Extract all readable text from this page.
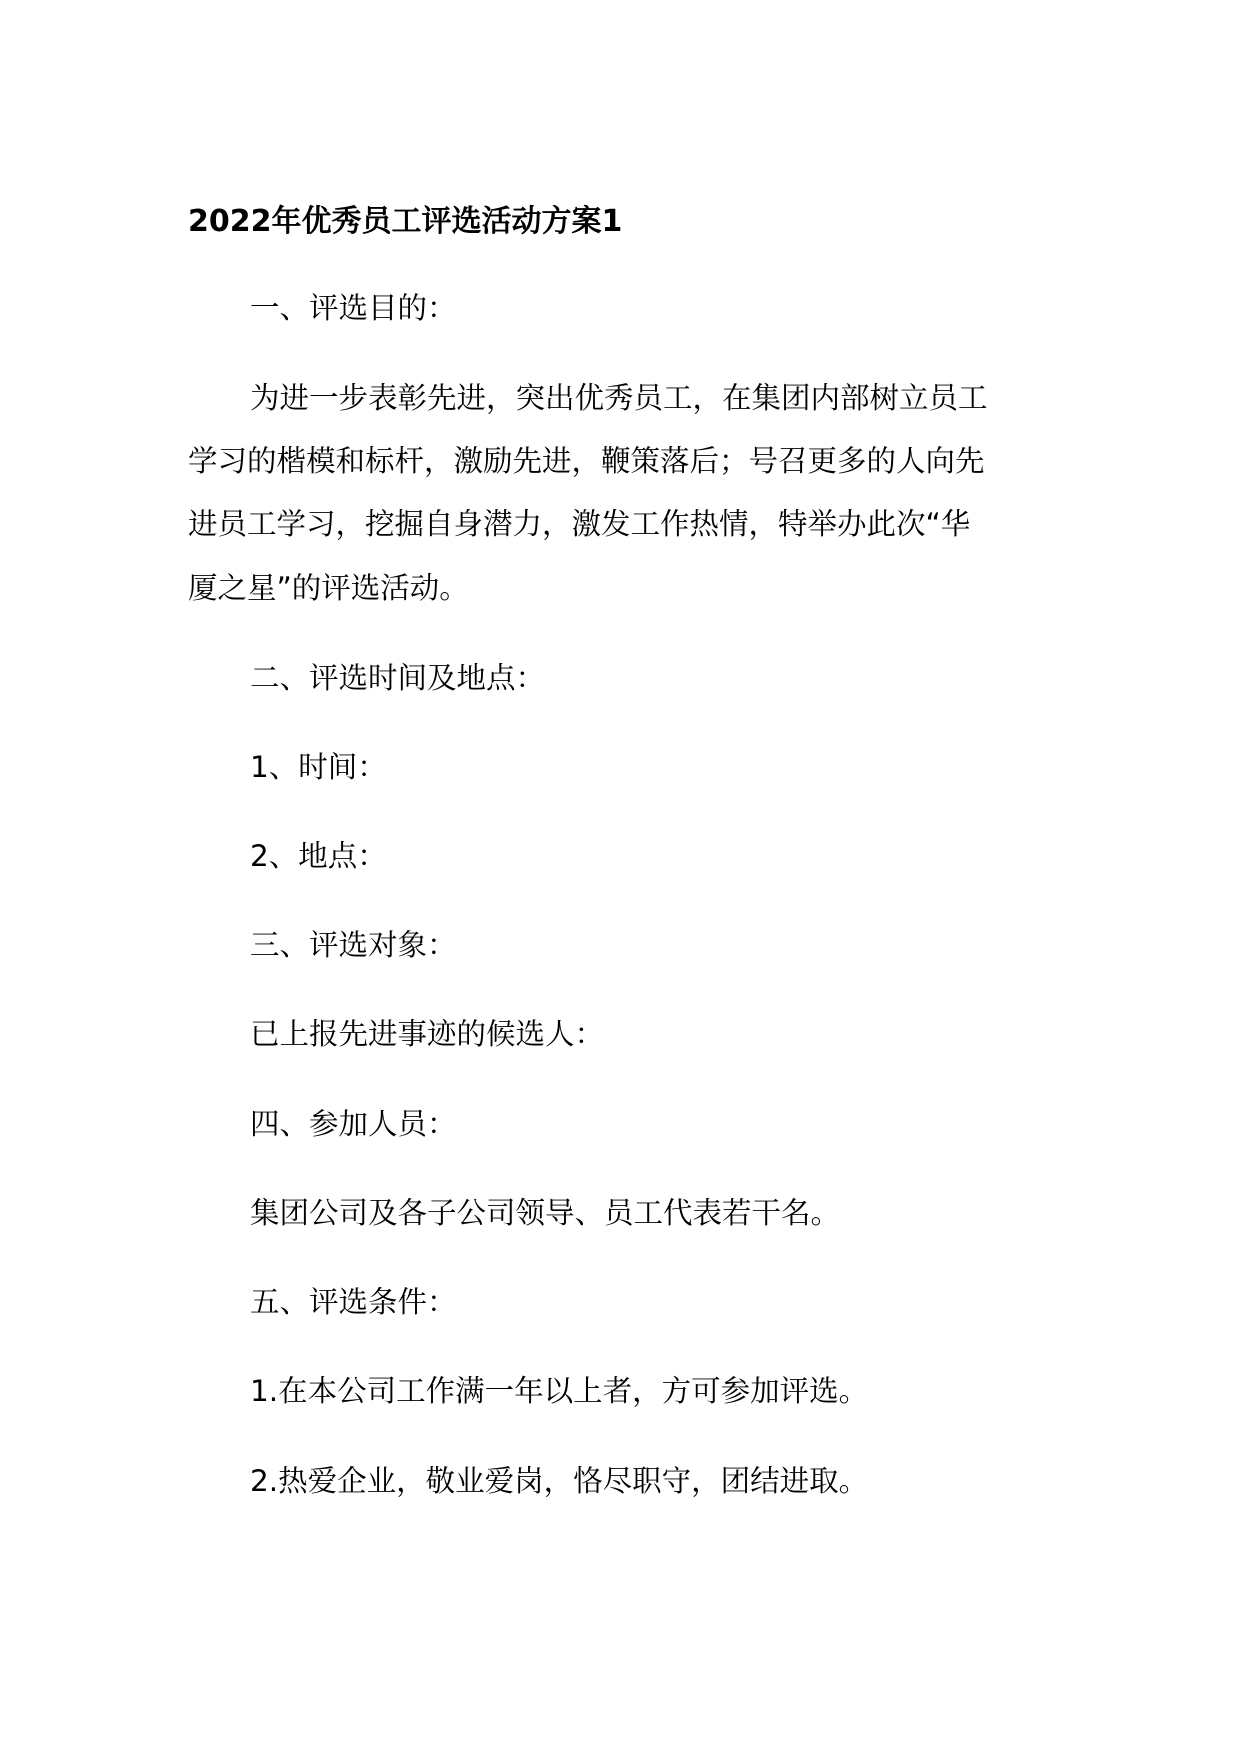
2022年优秀员工评选活动方案1
一、评选目的：
为进一步表彰先进，突出优秀员工，在集团内部树立员工
学习的楷模和标杆，激励先进，鞭策落后；号召更多的人向先
进员工学习，挖掘自身潜力，激发工作热情，特举办此次“华
厦之星”的评选活动。
二、评选时间及地点：
1、时间：
2、地点：
三、评选对象：
已上报先进事迹的候选人：
四、参加人员：
集团公司及各子公司领导、员工代表若干名。
五、评选条件：
1.在本公司工作满一年以上者，方可参加评选。
2.热爱企业，敬业爱岗，恪尽职守，团结进取。
